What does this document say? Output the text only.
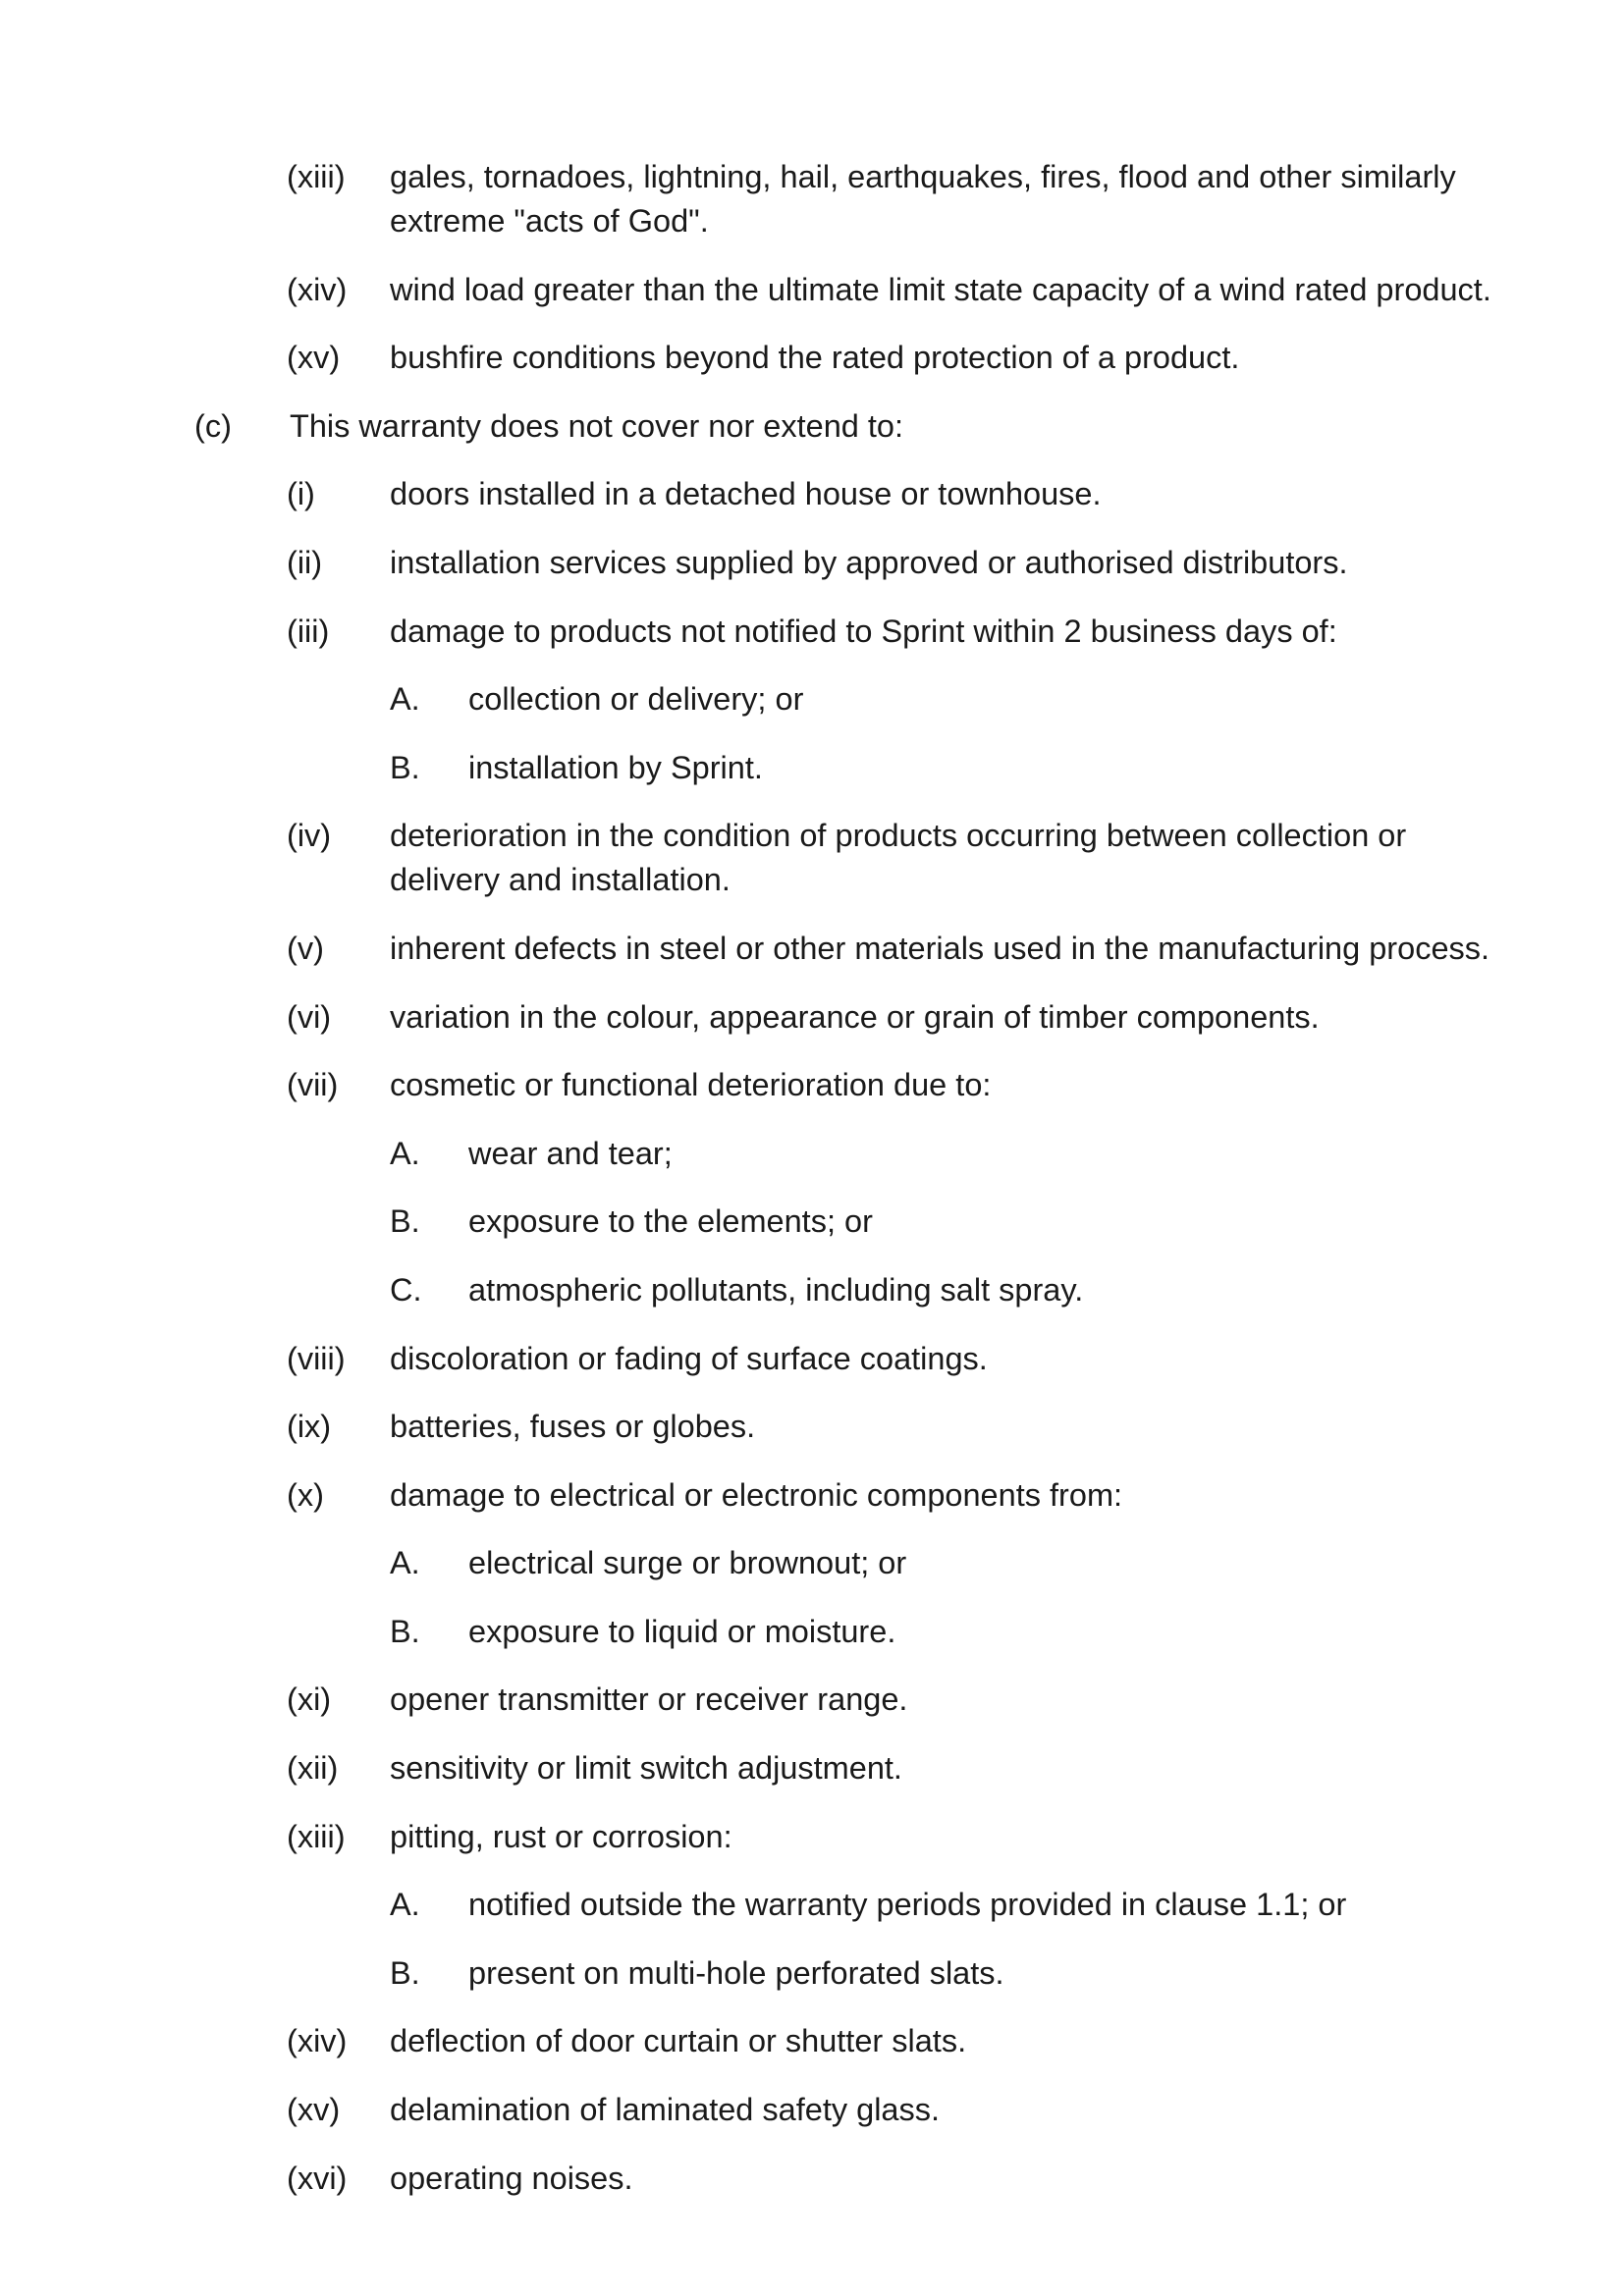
(xiii)	gales, tornadoes, lightning, hail, earthquakes, fires, flood and other similarly extreme "acts of God".
(xiv)	wind load greater than the ultimate limit state capacity of a wind rated product.
(xv)	bushfire conditions beyond the rated protection of a product.
(c)	This warranty does not cover nor extend to:
(i)	doors installed in a detached house or townhouse.
(ii)	installation services supplied by approved or authorised distributors.
(iii)	damage to products not notified to Sprint within 2 business days of:
A.	collection or delivery; or
B.	installation by Sprint.
(iv)	deterioration in the condition of products occurring between collection or delivery and installation.
(v)	inherent defects in steel or other materials used in the manufacturing process.
(vi)	variation in the colour, appearance or grain of timber components.
(vii)	cosmetic or functional deterioration due to:
A.	wear and tear;
B.	exposure to the elements; or
C.	atmospheric pollutants, including salt spray.
(viii)	discoloration or fading of surface coatings.
(ix)	batteries, fuses or globes.
(x)	damage to electrical or electronic components from:
A.	electrical surge or brownout; or
B.	exposure to liquid or moisture.
(xi)	opener transmitter or receiver range.
(xii)	sensitivity or limit switch adjustment.
(xiii)	pitting, rust or corrosion:
A.	notified outside the warranty periods provided in clause 1.1; or
B.	present on multi-hole perforated slats.
(xiv)	deflection of door curtain or shutter slats.
(xv)	delamination of laminated safety glass.
(xvi)	operating noises.
